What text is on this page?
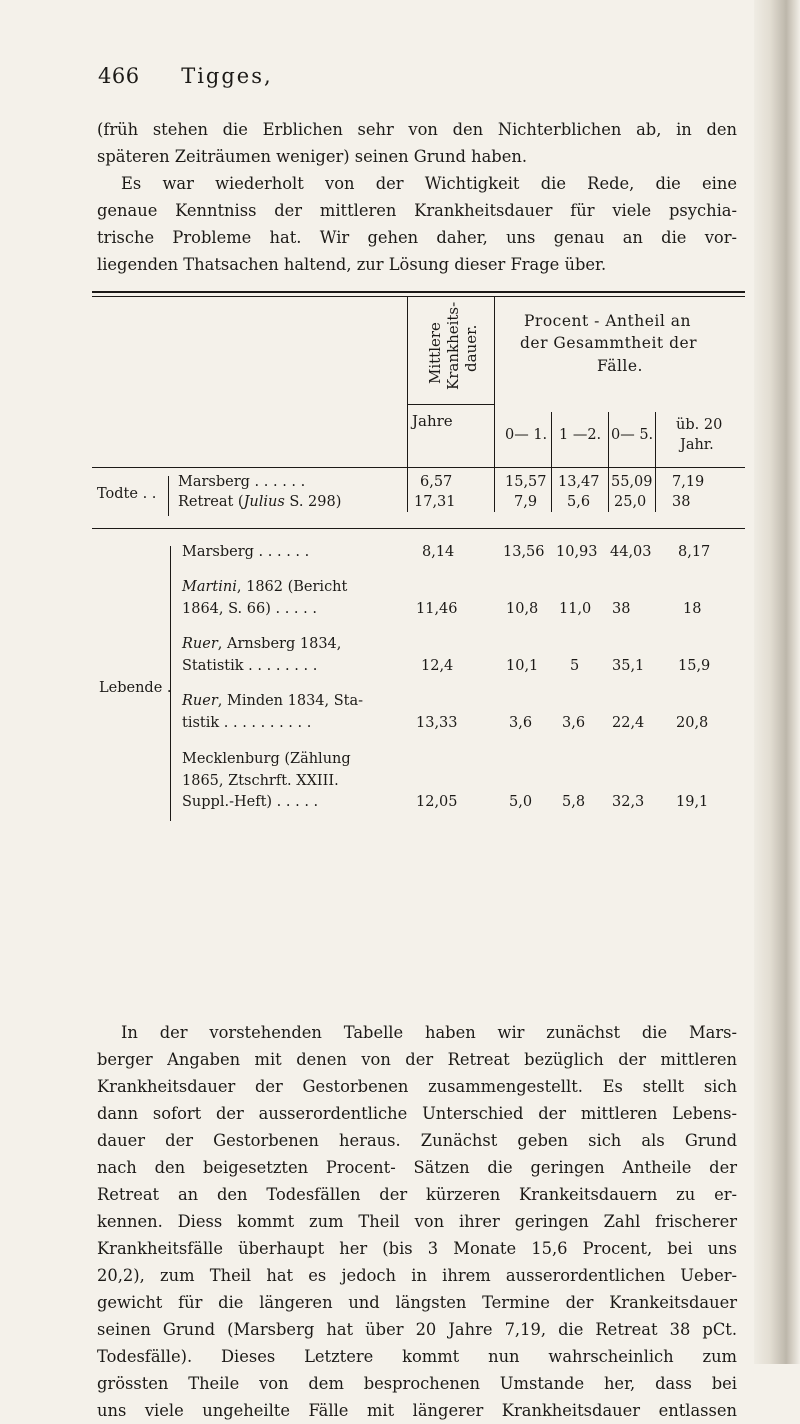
466 Tigges,
(früh stehen die Erblichen sehr von den Nichterblichen ab, in den
späteren Zeiträumen weniger) seinen Grund haben.
Es war wiederholt von der Wichtigkeit die Rede, die eine
genaue Kenntniss der mittleren Krankheitsdauer für viele psychia-
trische Probleme hat. Wir gehen daher, uns genau an die vor-
liegenden Thatsachen haltend, zur Lösung dieser Frage über.
Mittlere Krankheits- dauer.
Jahre
Procent - Antheil an
der Gesammtheit der
Fälle.
0— 1. 1 —2. 0— 5.
üb. 20
Jahr.
Todte . .
Marsberg . . . . . .	6,57	15,57 13,47 55,09 7,19
Retreat (Julius S. 298)	17,31	7,9 5,6 25,0 38
Lebende .
Marsberg . . . . . .	8,14	13,56 10,93 44,03 8,17
Martini, 1862 (Bericht
1864, S. 66) . . . . .	11,46	10,8 11,0 38	18
Ruer, Arnsberg 1834,
Statistik . . . . . . . .	12,4	10,1 5 35,1 15,9
Ruer, Minden 1834, Sta-
tistik . . . . . . . . . .	13,33	3,6 3,6 22,4 20,8
Mecklenburg (Zählung
1865, Ztschrft. XXIII.
Suppl.-Heft) . . . . .	12,05	5,0 5,8 32,3 19,1
In der vorstehenden Tabelle haben wir zunächst die Mars-
berger Angaben mit denen von der Retreat bezüglich der mittleren
Krankheitsdauer der Gestorbenen zusammengestellt. Es stellt sich
dann sofort der ausserordentliche Unterschied der mittleren Lebens-
dauer der Gestorbenen heraus. Zunächst geben sich als Grund
nach den beigesetzten Procent- Sätzen die geringen Antheile der
Retreat an den Todesfällen der kürzeren Krankeitsdauern zu er-
kennen. Diess kommt zum Theil von ihrer geringen Zahl frischerer
Krankheitsfälle überhaupt her (bis 3 Monate 15,6 Procent, bei uns
20,2), zum Theil hat es jedoch in ihrem ausserordentlichen Ueber-
gewicht für die längeren und längsten Termine der Krankeitsdauer
seinen Grund (Marsberg hat über 20 Jahre 7,19, die Retreat 38 pCt.
Todesfälle). Dieses Letztere kommt nun wahrscheinlich zum
grössten Theile von dem besprochenen Umstande her, dass bei
uns viele ungeheilte Fälle mit längerer Krankheitsdauer entlassen
